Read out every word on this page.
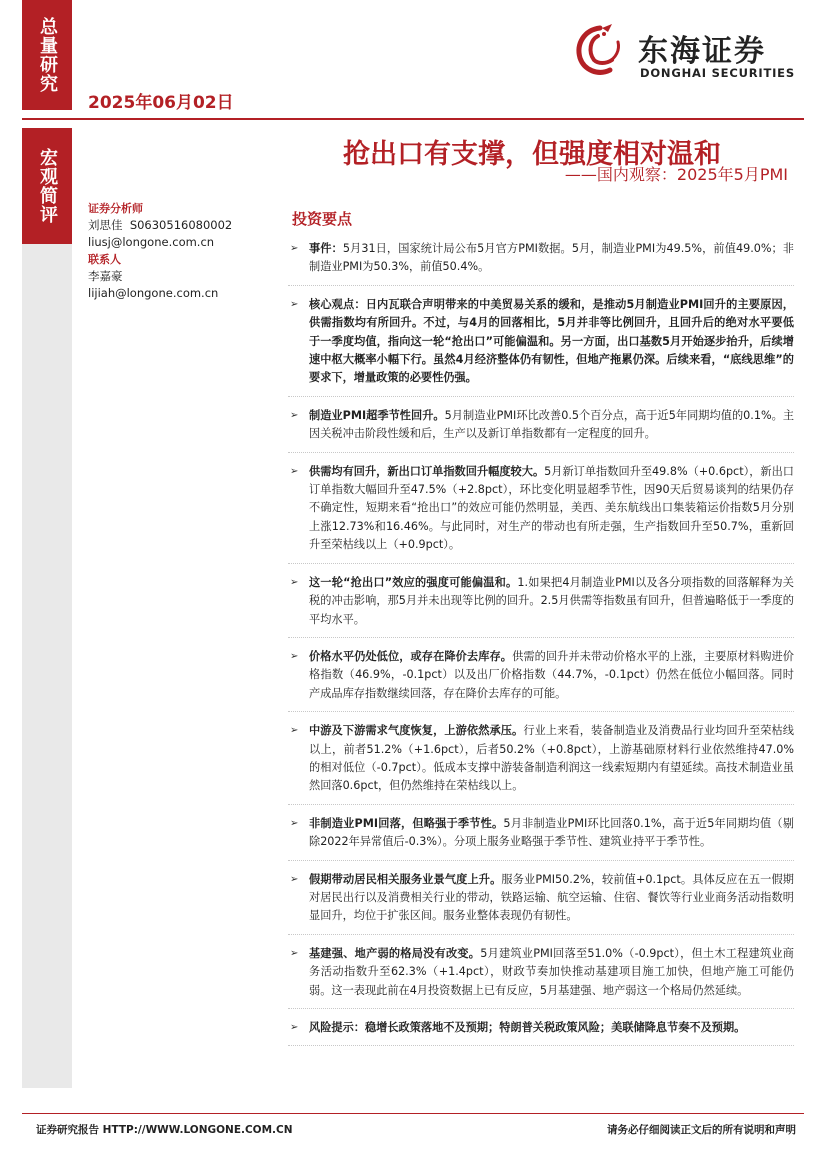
总量研究
2025年06月02日
东海证券
DONGHAI SECURITIES
宏观简评	证券分析师
刘思佳 S0630516080002
liusj@longone.com.cn
联系人
李嘉豪
lijiah@longone.com.cn
抢出口有支撑，但强度相对温和
——国内观察：2025年5月PMI
投资要点
➢ 事件：5月31日，国家统计局公布5月官方PMI数据。5月，制造业PMI为49.5%，前值49.0%；非制造业PMI为50.3%，前值50.4%。
➢ 核心观点：日内瓦联合声明带来的中美贸易关系的缓和，是推动5月制造业PMI回升的主要原因，供需指数均有所回升。不过，与4月的回落相比，5月并非等比例回升，且回升后的绝对水平要低于一季度均值，指向这一轮“抢出口”可能偏温和。另一方面，出口基数5月开始逐步抬升，后续增速中枢大概率小幅下行。虽然4月经济整体仍有韧性，但地产拖累仍深。后续来看，“底线思维”的要求下，增量政策的必要性仍强。
➢ 制造业PMI超季节性回升。5月制造业PMI环比改善0.5个百分点，高于近5年同期均值的0.1%。主因关税冲击阶段性缓和后，生产以及新订单指数都有一定程度的回升。
➢ 供需均有回升，新出口订单指数回升幅度较大。5月新订单指数回升至49.8%（+0.6pct），新出口订单指数大幅回升至47.5%（+2.8pct），环比变化明显超季节性，因90天后贸易谈判的结果仍存不确定性，短期来看“抢出口”的效应可能仍然明显，美西、美东航线出口集装箱运价指数5月分别上涨12.73%和16.46%。与此同时，对生产的带动也有所走强，生产指数回升至50.7%，重新回升至荣枯线以上（+0.9pct）。
➢ 这一轮“抢出口”效应的强度可能偏温和。1.如果把4月制造业PMI以及各分项指数的回落解释为关税的冲击影响，那5月并未出现等比例的回升。2.5月供需等指数虽有回升，但普遍略低于一季度的平均水平。
➢ 价格水平仍处低位，或存在降价去库存。供需的回升并未带动价格水平的上涨，主要原材料购进价格指数（46.9%，-0.1pct）以及出厂价格指数（44.7%，-0.1pct）仍然在低位小幅回落。同时产成品库存指数继续回落，存在降价去库存的可能。
➢ 中游及下游需求气度恢复，上游依然承压。行业上来看，装备制造业及消费品行业均回升至荣枯线以上，前者51.2%（+1.6pct），后者50.2%（+0.8pct），上游基础原材料行业依然维持47.0%的相对低位（-0.7pct）。低成本支撑中游装备制造利润这一线索短期内有望延续。高技术制造业虽然回落0.6pct，但仍然维持在荣枯线以上。
➢ 非制造业PMI回落，但略强于季节性。5月非制造业PMI环比回落0.1%，高于近5年同期均值（剔除2022年异常值后-0.3%）。分项上服务业略强于季节性、建筑业持平于季节性。
➢ 假期带动居民相关服务业景气度上升。服务业PMI50.2%，较前值+0.1pct。具体反应在五一假期对居民出行以及消费相关行业的带动，铁路运输、航空运输、住宿、餐饮等行业业商务活动指数明显回升，均位于扩张区间。服务业整体表现仍有韧性。
➢ 基建强、地产弱的格局没有改变。5月建筑业PMI回落至51.0%（-0.9pct），但土木工程建筑业商务活动指数升至62.3%（+1.4pct），财政节奏加快推动基建项目施工加快，但地产施工可能仍弱。这一表现此前在4月投资数据上已有反应，5月基建强、地产弱这一个格局仍然延续。
➢ 风险提示：稳增长政策落地不及预期；特朗普关税政策风险；美联储降息节奏不及预期。
证券研究报告 HTTP://WWW.LONGONE.COM.CN	请务必仔细阅读正文后的所有说明和声明
